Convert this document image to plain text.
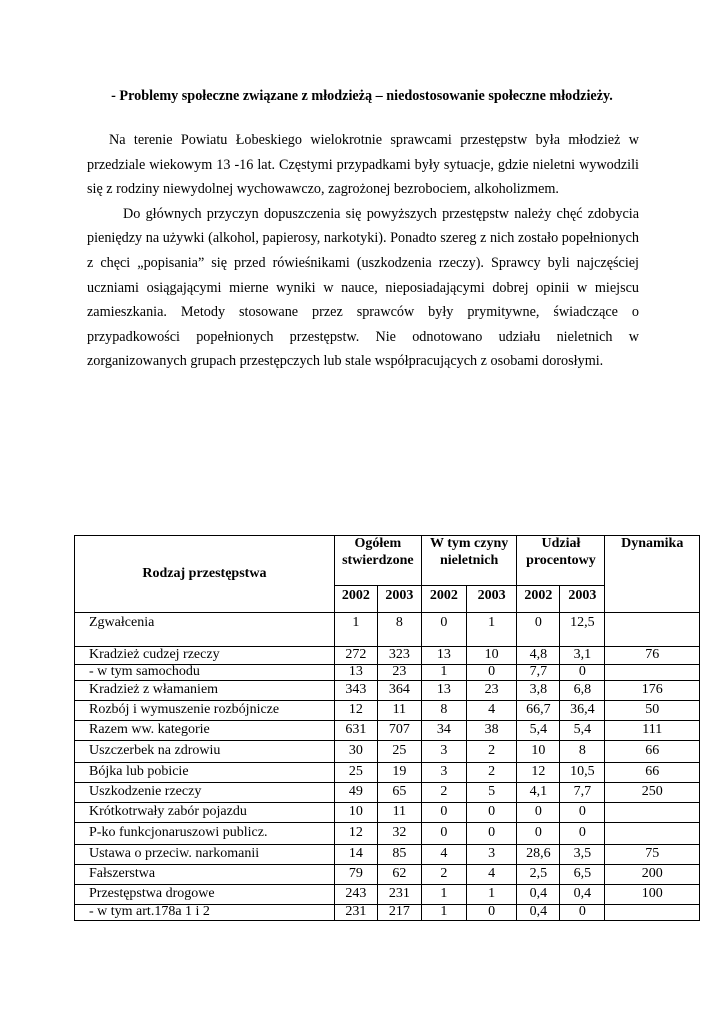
- Problemy społeczne związane z młodzieżą – niedostosowanie społeczne młodzieży.

Na terenie Powiatu Łobeskiego wielokrotnie sprawcami przestępstw była młodzież w przedziale wiekowym 13 -16 lat. Częstymi przypadkami były sytuacje, gdzie nieletni wywodzili się z rodziny niewydolnej wychowawczo, zagrożonej bezrobociem, alkoholizmem.

Do głównych przyczyn dopuszczenia się powyższych przestępstw należy chęć zdobycia pieniędzy na używki (alkohol, papierosy, narkotyki). Ponadto szereg z nich zostało popełnionych z chęci „popisania” się przed rówieśnikami (uszkodzenia rzeczy). Sprawcy byli najczęściej uczniami osiągającymi mierne wyniki w nauce, nieposiadającymi dobrej opinii w miejscu zamieszkania. Metody stosowane przez sprawców były prymitywne, świadczące o przypadkowości popełnionych przestępstw. Nie odnotowano udziału nieletnich w zorganizowanych grupach przestępczych lub stale współpracujących z osobami dorosłymi.

Rodzaj przestępstwa	Ogółem stwierdzone		W tym czyny nieletnich		Udział procentowy		Dynamika
	2002	2003	2002	2003	2002	2003	
Zgwałcenia	1	8	0	1	0	12,5	
Kradzież cudzej rzeczy	272	323	13	10	4,8	3,1	76
- w tym samochodu	13	23	1	0	7,7	0	
Kradzież z włamaniem	343	364	13	23	3,8	6,8	176
Rozbój i wymuszenie rozbójnicze	12	11	8	4	66,7	36,4	50
Razem ww. kategorie	631	707	34	38	5,4	5,4	111
Uszczerbek na zdrowiu	30	25	3	2	10	8	66
Bójka lub pobicie	25	19	3	2	12	10,5	66
Uszkodzenie rzeczy	49	65	2	5	4,1	7,7	250
Krótkotrwały zabór pojazdu	10	11	0	0	0	0	
P-ko funkcjonaruszowi publicz.	12	32	0	0	0	0	
Ustawa o przeciw. narkomanii	14	85	4	3	28,6	3,5	75
Fałszerstwa	79	62	2	4	2,5	6,5	200
Przestępstwa drogowe	243	231	1	1	0,4	0,4	100
- w tym art.178a 1 i 2	231	217	1	0	0,4	0	
